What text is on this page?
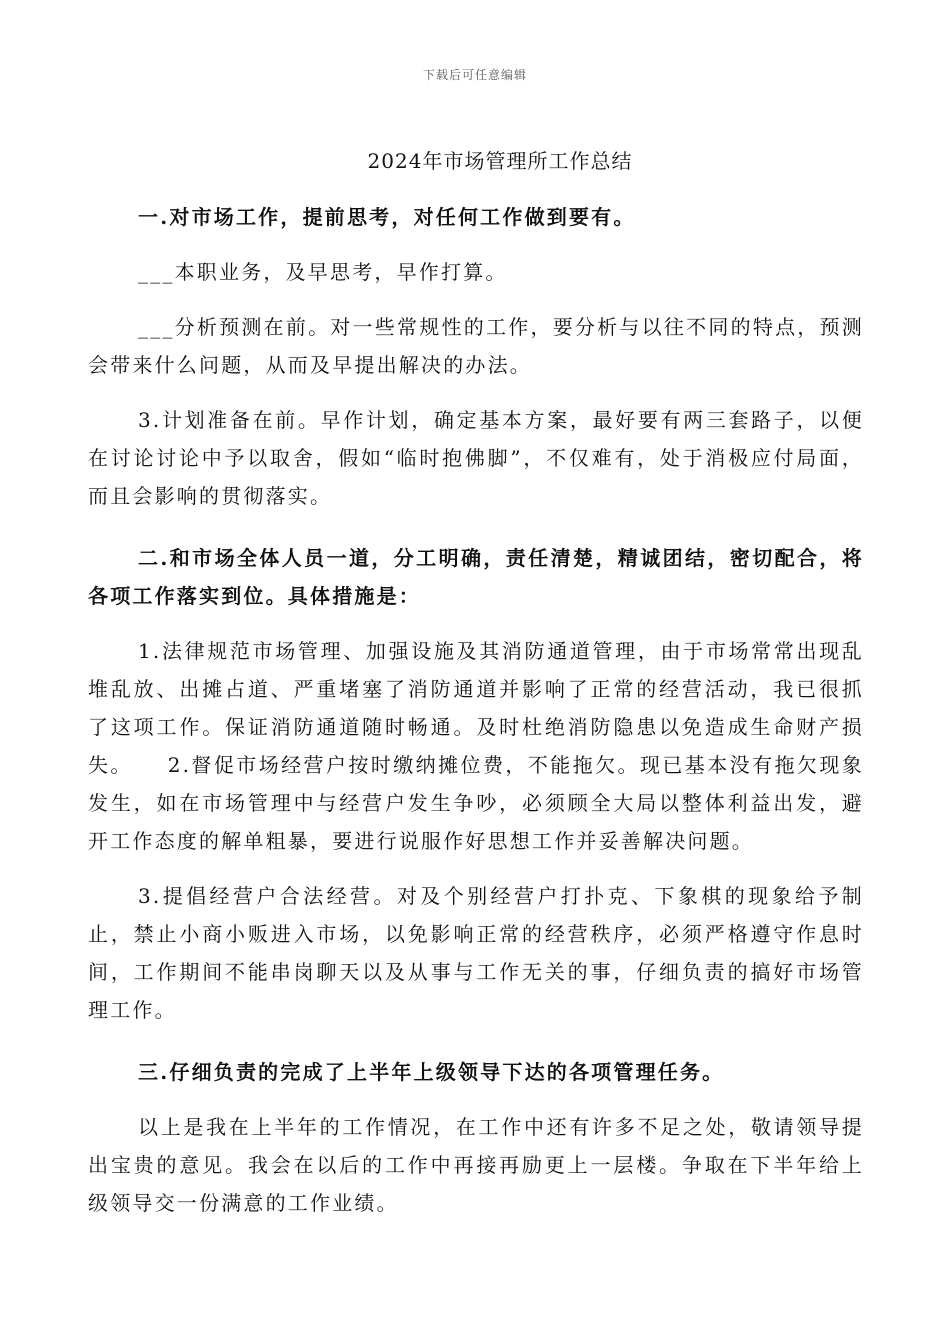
下载后可任意编辑
2024年市场管理所工作总结

一.对市场工作，提前思考，对任何工作做到要有。

___本职业务，及早思考，早作打算。

___分析预测在前。对一些常规性的工作，要分析与以往不同的特点，预测会带来什么问题，从而及早提出解决的办法。

3.计划准备在前。早作计划，确定基本方案，最好要有两三套路子，以便在讨论讨论中予以取舍，假如“临时抱佛脚”，不仅难有，处于消极应付局面，而且会影响的贯彻落实。

二.和市场全体人员一道，分工明确，责任清楚，精诚团结，密切配合，将各项工作落实到位。具体措施是：

1.法律规范市场管理、加强设施及其消防通道管理，由于市场常常出现乱堆乱放、出摊占道、严重堵塞了消防通道并影响了正常的经营活动，我已很抓了这项工作。保证消防通道随时畅通。及时杜绝消防隐患以免造成生命财产损失。　　2.督促市场经营户按时缴纳摊位费，不能拖欠。现已基本没有拖欠现象发生，如在市场管理中与经营户发生争吵，必须顾全大局以整体利益出发，避开工作态度的解单粗暴，要进行说服作好思想工作并妥善解决问题。

3.提倡经营户合法经营。对及个别经营户打扑克、下象棋的现象给予制止，禁止小商小贩进入市场，以免影响正常的经营秩序，必须严格遵守作息时间，工作期间不能串岗聊天以及从事与工作无关的事，仔细负责的搞好市场管理工作。

三.仔细负责的完成了上半年上级领导下达的各项管理任务。

以上是我在上半年的工作情况，在工作中还有许多不足之处，敬请领导提出宝贵的意见。我会在以后的工作中再接再励更上一层楼。争取在下半年给上级领导交一份满意的工作业绩。
